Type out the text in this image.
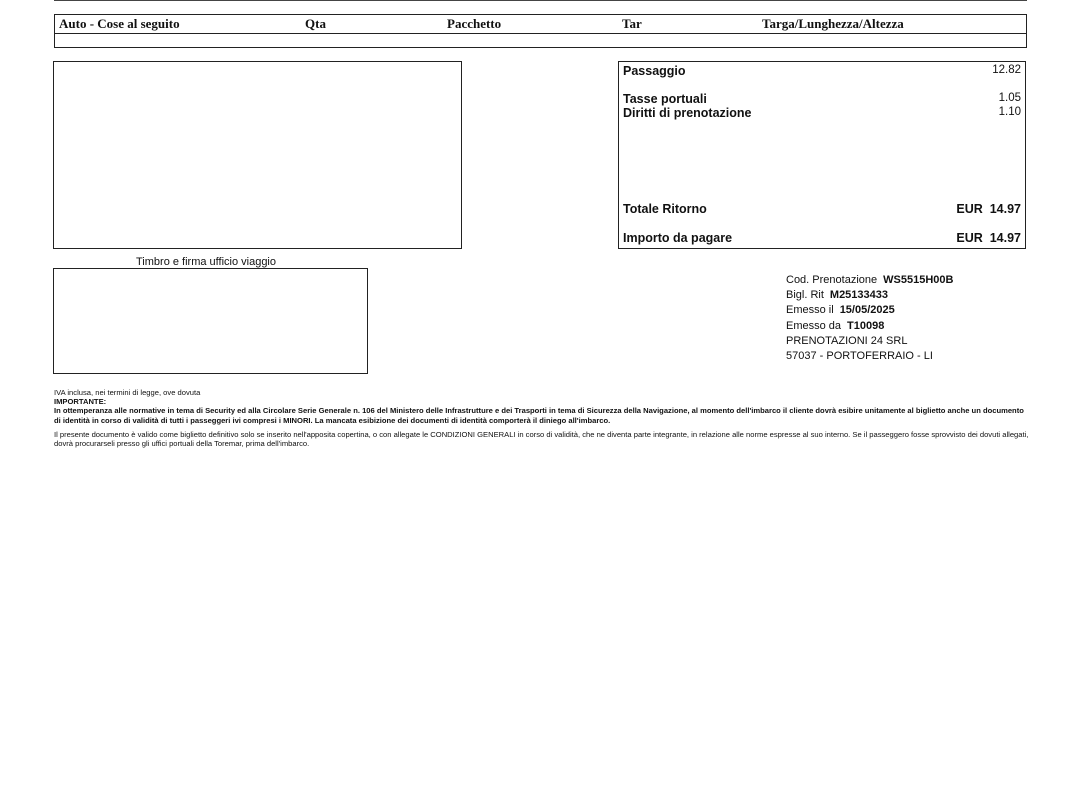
Auto - Cose al seguito	Qta	Pacchetto	Tar	Targa/Lunghezza/Altezza
Timbro e firma ufficio viaggio
Passaggio	12.82
Tasse portuali	1.05
Diritti di prenotazione	1.10
Totale Ritorno	EUR  14.97
Importo da pagare	EUR  14.97
Cod. Prenotazione WS5515H00B
Bigl. Rit M25133433
Emesso il 15/05/2025
Emesso da T10098
PRENOTAZIONI 24 SRL
57037 - PORTOFERRAIO - LI

IVA inclusa, nei termini di legge, ove dovuta

IMPORTANTE:

In ottemperanza alle normative in tema di Security ed alla Circolare Serie Generale n. 106 del Ministero delle Infrastrutture e dei Trasporti in tema di Sicurezza della Navigazione, al momento dell'imbarco il cliente dovrà esibire unitamente al biglietto anche un documento di identità in corso di validità di tutti i passeggeri ivi compresi i MINORI. La mancata esibizione dei documenti di identità comporterà il diniego all'imbarco.

Il presente documento è valido come biglietto definitivo solo se inserito nell'apposita copertina, o con allegate le CONDIZIONI GENERALI in corso di validità, che ne diventa parte integrante, in relazione alle norme espresse al suo interno. Se il passeggero fosse sprovvisto dei dovuti allegati, dovrà procurarseli presso gli uffici portuali della Toremar, prima dell'imbarco.
